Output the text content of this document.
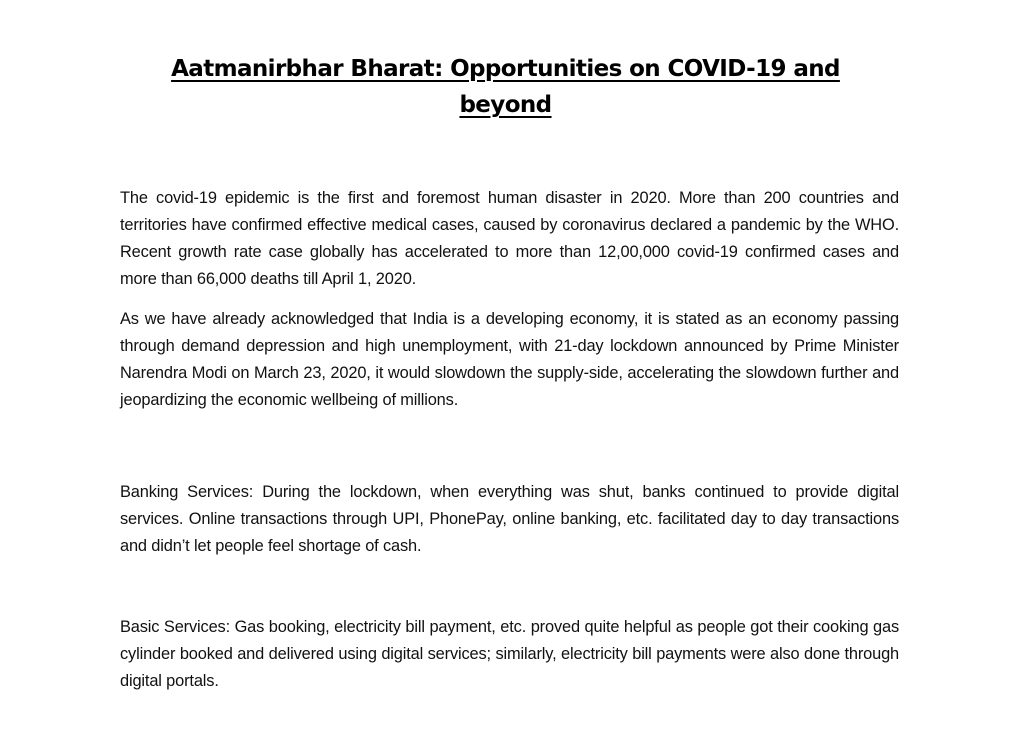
Aatmanirbhar Bharat: Opportunities on COVID-19 and beyond

The covid-19 epidemic is the first and foremost human disaster in 2020. More than 200 countries and territories have confirmed effective medical cases, caused by coronavirus declared a pandemic by the WHO. Recent growth rate case globally has accelerated to more than 12,00,000 covid-19 confirmed cases and more than 66,000 deaths till April 1, 2020.

As we have already acknowledged that India is a developing economy, it is stated as an economy passing through demand depression and high unemployment, with 21-day lockdown announced by Prime Minister Narendra Modi on March 23, 2020, it would slowdown the supply-side, accelerating the slowdown further and jeopardizing the economic wellbeing of millions.

Banking Services: During the lockdown, when everything was shut, banks continued to provide digital services. Online transactions through UPI, PhonePay, online banking, etc. facilitated day to day transactions and didn’t let people feel shortage of cash.

Basic Services: Gas booking, electricity bill payment, etc. proved quite helpful as people got their cooking gas cylinder booked and delivered using digital services; similarly, electricity bill payments were also done through digital portals.
